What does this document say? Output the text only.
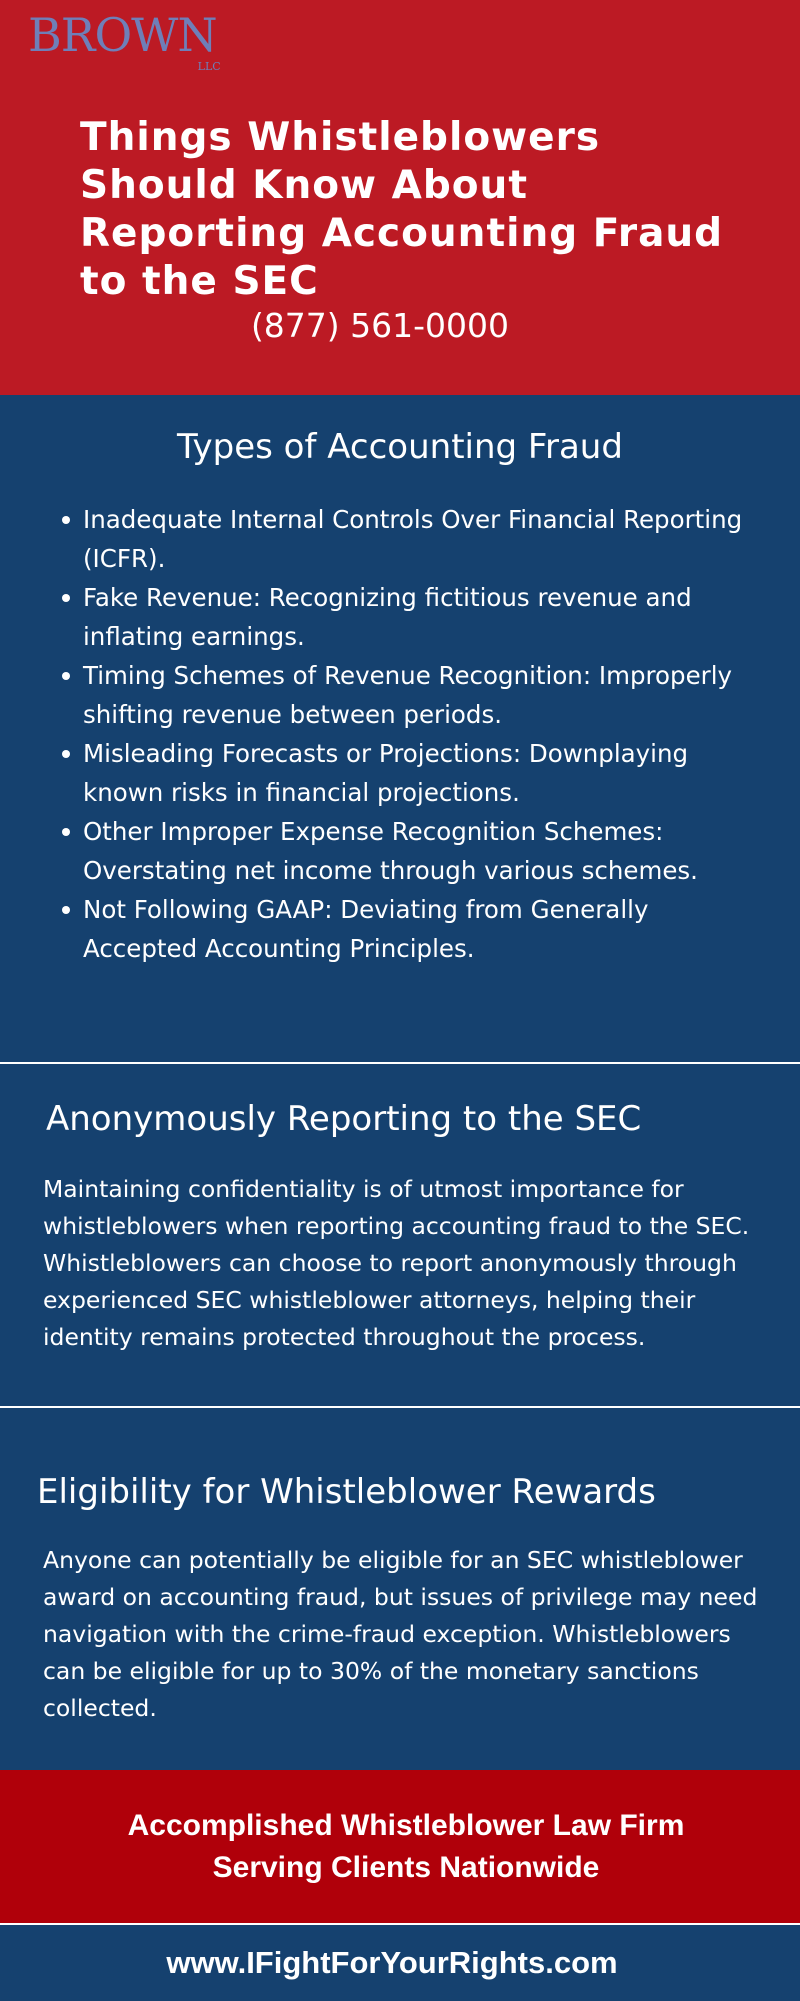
BROWN
LLC
Things Whistleblowers Should Know About Reporting Accounting Fraud to the SEC
(877) 561-0000
Types of Accounting Fraud
Inadequate Internal Controls Over Financial Reporting (ICFR).
Fake Revenue: Recognizing fictitious revenue and inflating earnings.
Timing Schemes of Revenue Recognition: Improperly shifting revenue between periods.
Misleading Forecasts or Projections: Downplaying known risks in financial projections.
Other Improper Expense Recognition Schemes: Overstating net income through various schemes.
Not Following GAAP: Deviating from Generally Accepted Accounting Principles.
Anonymously Reporting to the SEC

Maintaining confidentiality is of utmost importance for whistleblowers when reporting accounting fraud to the SEC. Whistleblowers can choose to report anonymously through experienced SEC whistleblower attorneys, helping their identity remains protected throughout the process.

Eligibility for Whistleblower Rewards

Anyone can potentially be eligible for an SEC whistleblower award on accounting fraud, but issues of privilege may need navigation with the crime-fraud exception. Whistleblowers can be eligible for up to 30% of the monetary sanctions collected.

Accomplished Whistleblower Law Firm Serving Clients Nationwide
www.IFightForYourRights.com
